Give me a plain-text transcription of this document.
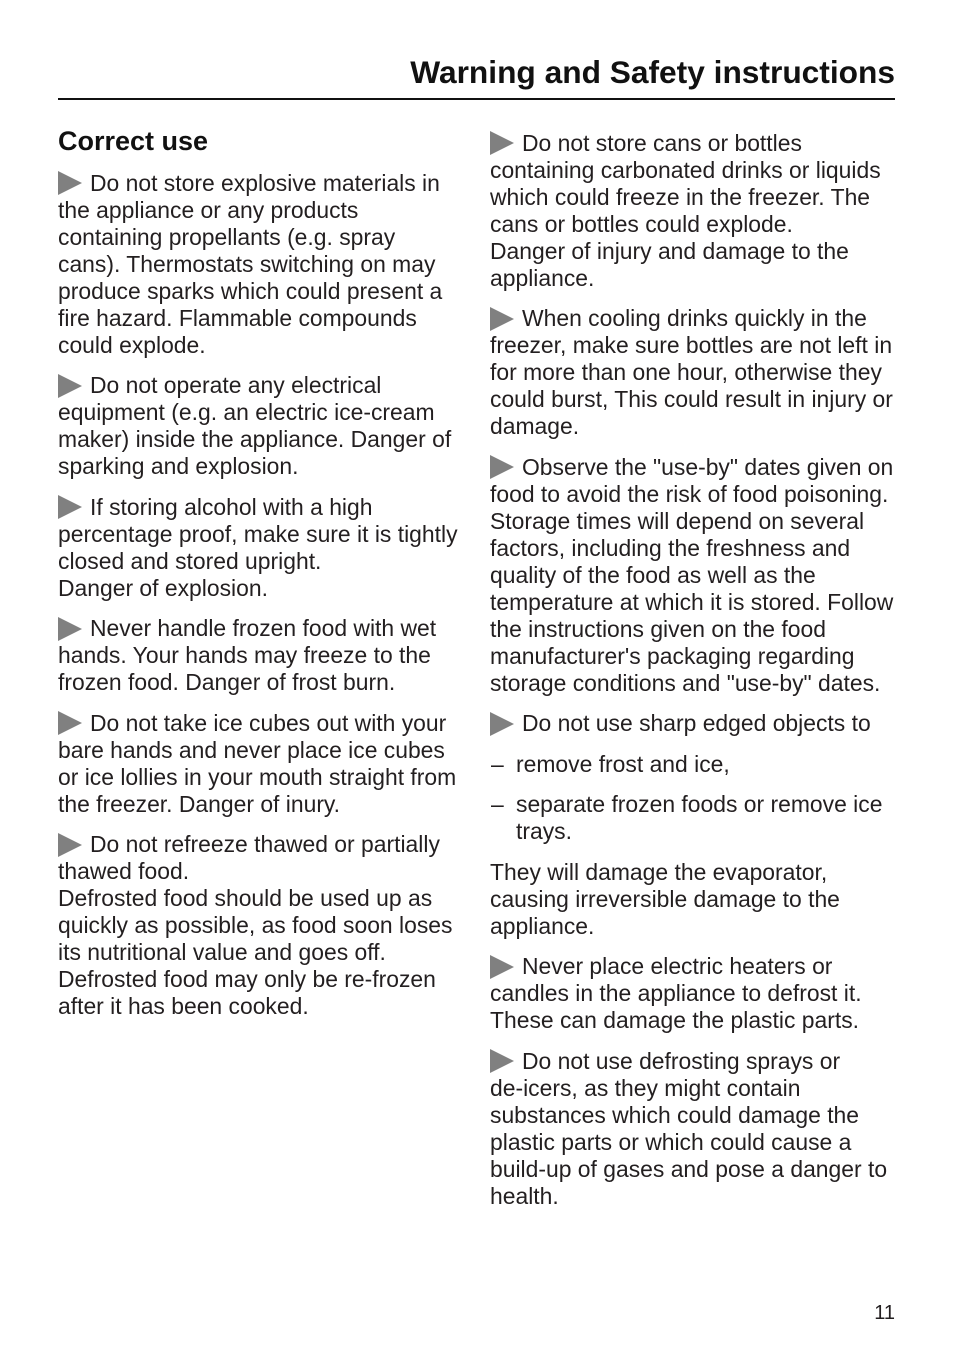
Warning and Safety instructions
Correct use
Do not store explosive materials in
the appliance or any products
containing propellants (e.g. spray
cans). Thermostats switching on may
produce sparks which could present a
fire hazard. Flammable compounds
could explode.
Do not operate any electrical
equipment (e.g. an electric ice-cream
maker) inside the appliance. Danger of
sparking and explosion.
If storing alcohol with a high
percentage proof, make sure it is tightly
closed and stored upright.
Danger of explosion.
Never handle frozen food with wet
hands. Your hands may freeze to the
frozen food. Danger of frost burn.
Do not take ice cubes out with your
bare hands and never place ice cubes
or ice lollies in your mouth straight from
the freezer. Danger of inury.
Do not refreeze thawed or partially
thawed food.
Defrosted food should be used up as
quickly as possible, as food soon loses
its nutritional value and goes off.
Defrosted food may only be re-frozen
after it has been cooked.
Do not store cans or bottles
containing carbonated drinks or liquids
which could freeze in the freezer. The
cans or bottles could explode.
Danger of injury and damage to the
appliance.
When cooling drinks quickly in the
freezer, make sure bottles are not left in
for more than one hour, otherwise they
could burst, This could result in injury or
damage.
Observe the "use-by" dates given on
food to avoid the risk of food poisoning.
Storage times will depend on several
factors, including the freshness and
quality of the food as well as the
temperature at which it is stored. Follow
the instructions given on the food
manufacturer's packaging regarding
storage conditions and "use-by" dates.
Do not use sharp edged objects to
– remove frost and ice,
– separate frozen foods or remove ice
trays.
They will damage the evaporator,
causing irreversible damage to the
appliance.
Never place electric heaters or
candles in the appliance to defrost it.
These can damage the plastic parts.
Do not use defrosting sprays or
de-icers, as they might contain
substances which could damage the
plastic parts or which could cause a
build-up of gases and pose a danger to
health.
11
